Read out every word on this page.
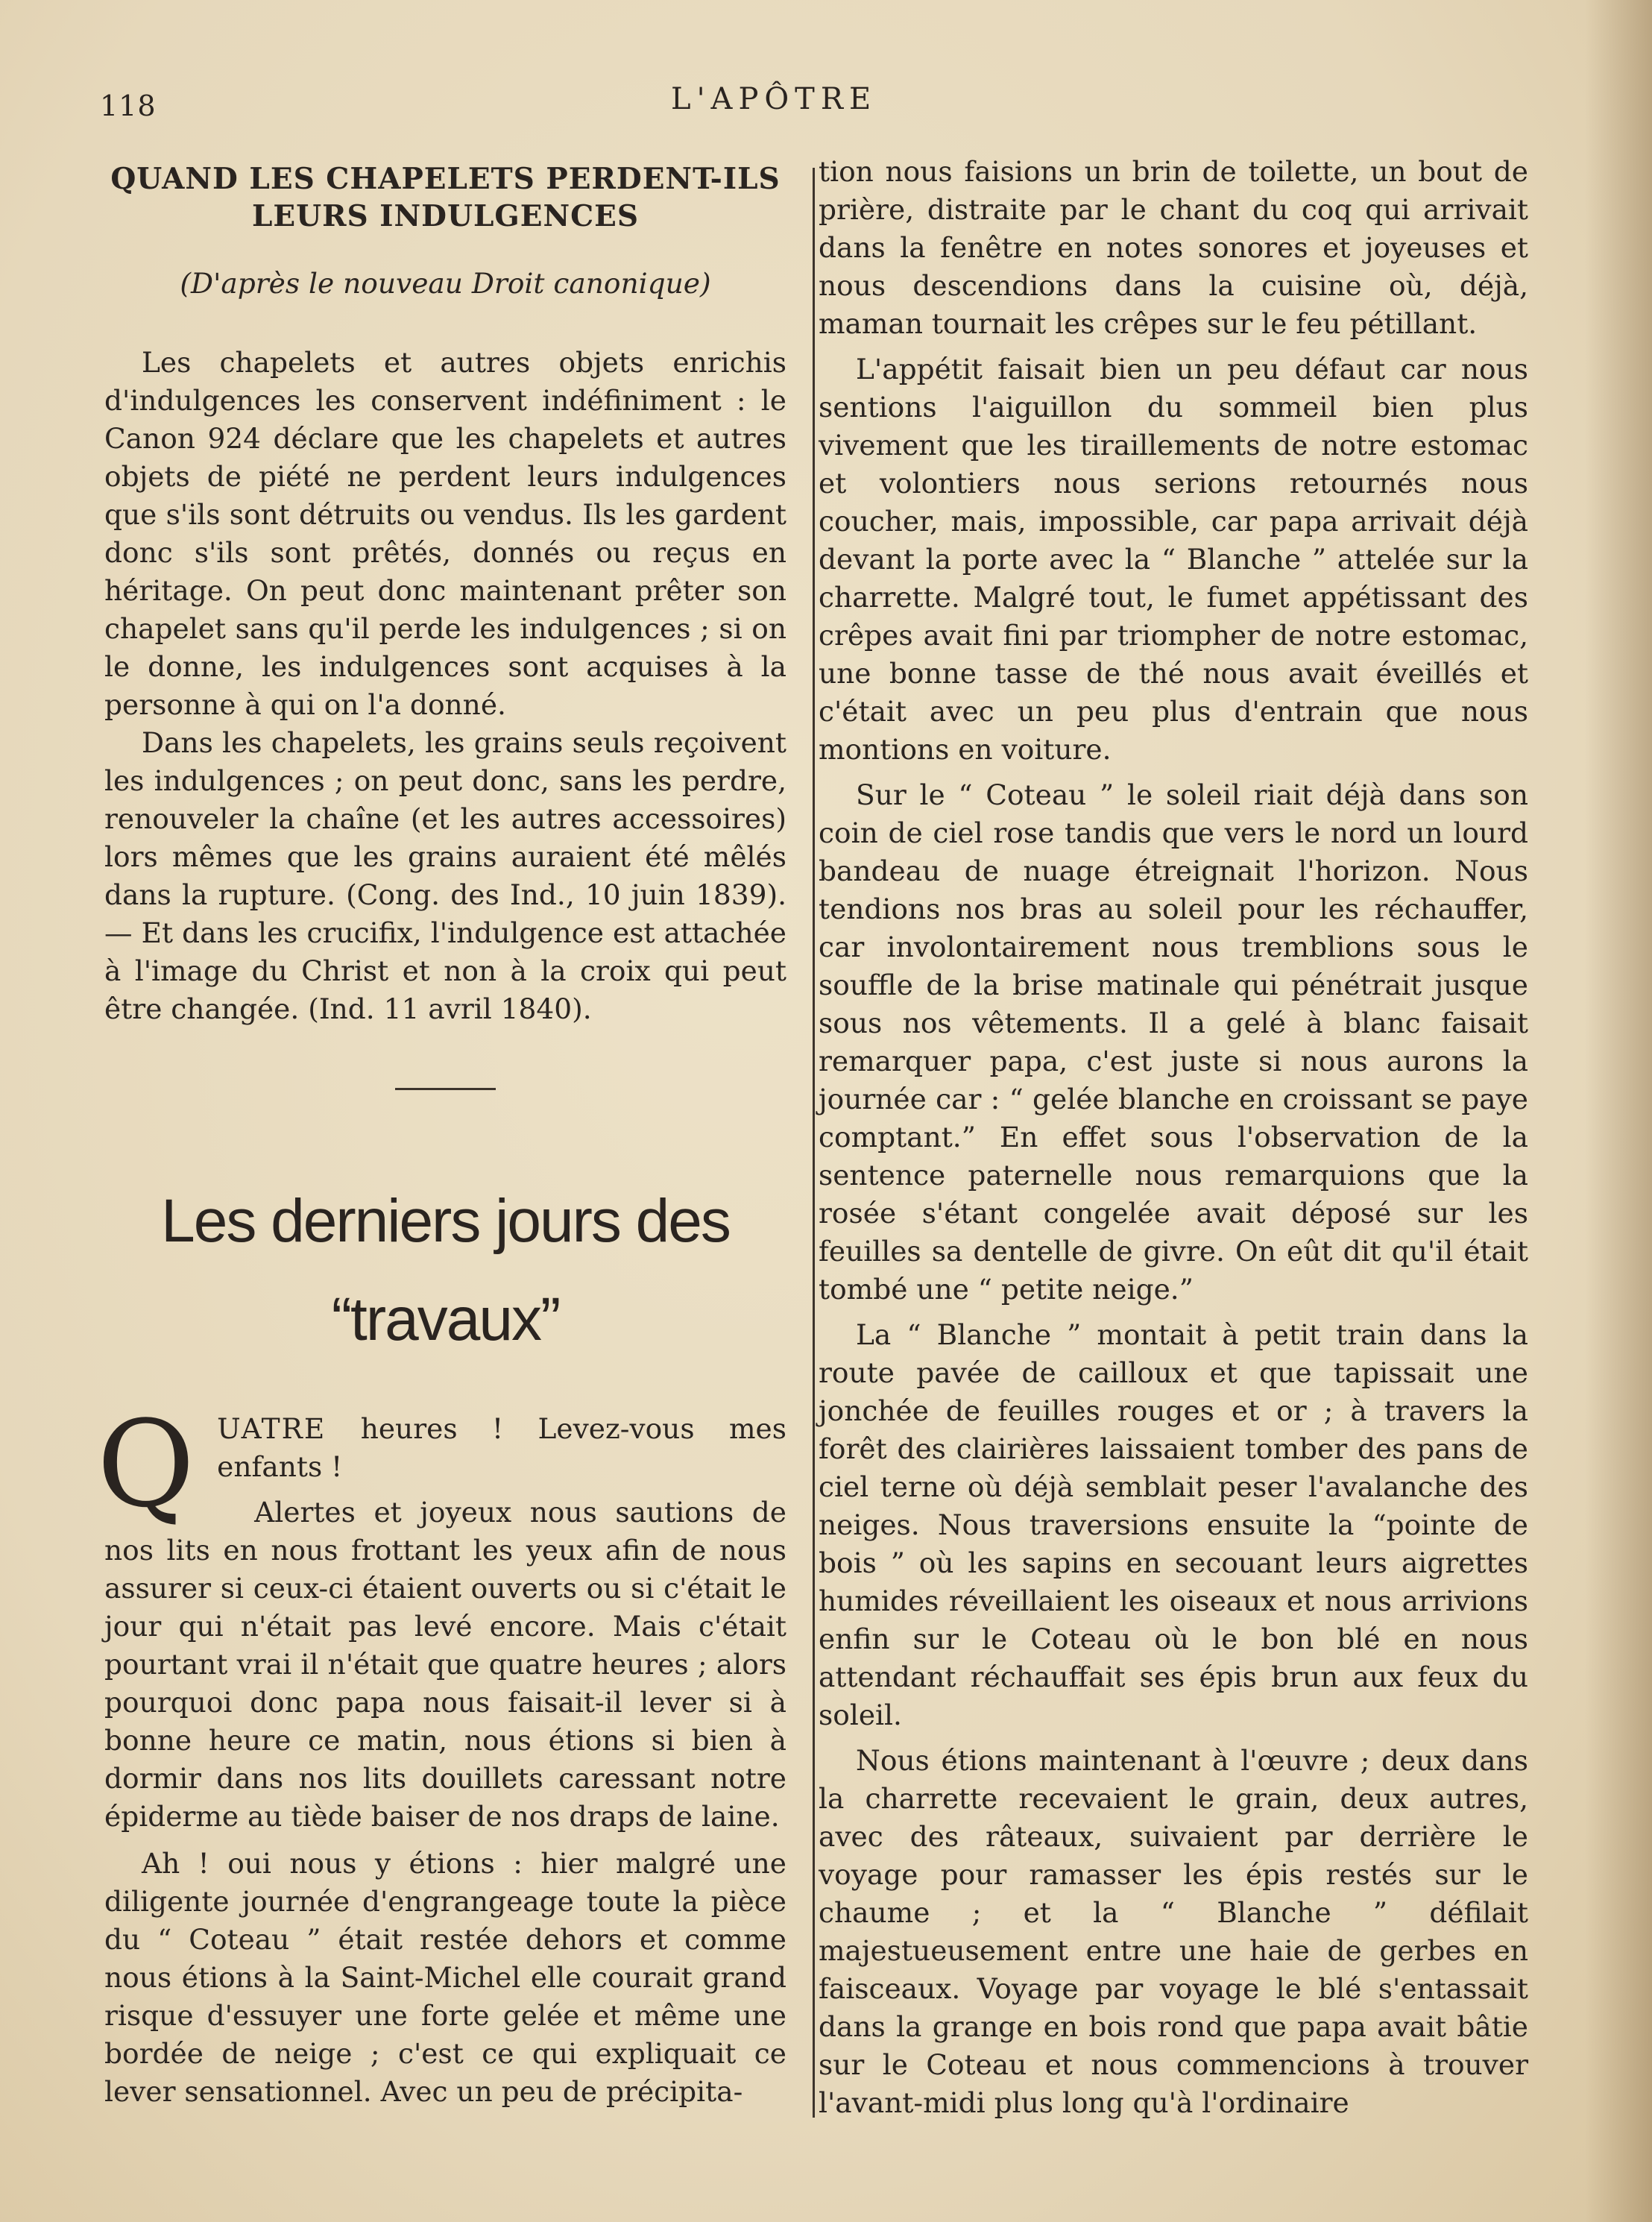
118	L'APÔTRE
QUAND LES CHAPELETS PERDENT-ILS LEURS INDULGENCES
(D'après le nouveau Droit canonique)

Les chapelets et autres objets enrichis d'indulgences les conservent indéfiniment : le Canon 924 déclare que les chapelets et autres objets de piété ne perdent leurs indulgences que s'ils sont détruits ou vendus. Ils les gardent donc s'ils sont prêtés, donnés ou reçus en héritage. On peut donc maintenant prêter son chapelet sans qu'il perde les indulgences ; si on le donne, les indulgences sont acquises à la personne à qui on l'a donné.

Dans les chapelets, les grains seuls reçoivent les indulgences ; on peut donc, sans les perdre, renouveler la chaîne (et les autres accessoires) lors mêmes que les grains auraient été mêlés dans la rupture. (Cong. des Ind., 10 juin 1839).— Et dans les crucifix, l'indulgence est attachée à l'image du Christ et non à la croix qui peut être changée. (Ind. 11 avril 1840).

Les derniers jours des
“travaux”
Q UATRE heures ! Levez-vous mes enfants !

Alertes et joyeux nous sautions de nos lits en nous frottant les yeux afin de nous assurer si ceux-ci étaient ouverts ou si c'était le jour qui n'était pas levé encore. Mais c'était pourtant vrai il n'était que quatre heures ; alors pourquoi donc papa nous faisait-il lever si à bonne heure ce matin, nous étions si bien à dormir dans nos lits douillets caressant notre épiderme au tiède baiser de nos draps de laine.

Ah ! oui nous y étions : hier malgré une diligente journée d'engrangeage toute la pièce du “ Coteau ” était restée dehors et comme nous étions à la Saint-Michel elle courait grand risque d'essuyer une forte gelée et même une bordée de neige ; c'est ce qui expliquait ce lever sensationnel. Avec un peu de précipita-

tion nous faisions un brin de toilette, un bout de prière, distraite par le chant du coq qui arrivait dans la fenêtre en notes sonores et joyeuses et nous descendions dans la cuisine où, déjà, maman tournait les crêpes sur le feu pétillant.

L'appétit faisait bien un peu défaut car nous sentions l'aiguillon du sommeil bien plus vivement que les tiraillements de notre estomac et volontiers nous serions retournés nous coucher, mais, impossible, car papa arrivait déjà devant la porte avec la “ Blanche ” attelée sur la charrette. Malgré tout, le fumet appétissant des crêpes avait fini par triompher de notre estomac, une bonne tasse de thé nous avait éveillés et c'était avec un peu plus d'entrain que nous montions en voiture.

Sur le “ Coteau ” le soleil riait déjà dans son coin de ciel rose tandis que vers le nord un lourd bandeau de nuage étreignait l'horizon. Nous tendions nos bras au soleil pour les réchauffer, car involontairement nous tremblions sous le souffle de la brise matinale qui pénétrait jusque sous nos vêtements. Il a gelé à blanc faisait remarquer papa, c'est juste si nous aurons la journée car : “ gelée blanche en croissant se paye comptant.” En effet sous l'observation de la sentence paternelle nous remarquions que la rosée s'étant congelée avait déposé sur les feuilles sa dentelle de givre. On eût dit qu'il était tombé une “ petite neige.”

La “ Blanche ” montait à petit train dans la route pavée de cailloux et que tapissait une jonchée de feuilles rouges et or ; à travers la forêt des clairières laissaient tomber des pans de ciel terne où déjà semblait peser l'avalanche des neiges. Nous traversions ensuite la “pointe de bois ” où les sapins en secouant leurs aigrettes humides réveillaient les oiseaux et nous arrivions enfin sur le Coteau où le bon blé en nous attendant réchauffait ses épis brun aux feux du soleil.

Nous étions maintenant à l'œuvre ; deux dans la charrette recevaient le grain, deux autres, avec des râteaux, suivaient par derrière le voyage pour ramasser les épis restés sur le chaume ; et la “ Blanche ” défilait majestueusement entre une haie de gerbes en faisceaux. Voyage par voyage le blé s'entassait dans la grange en bois rond que papa avait bâtie sur le Coteau et nous commencions à trouver l'avant-midi plus long qu'à l'ordinaire
